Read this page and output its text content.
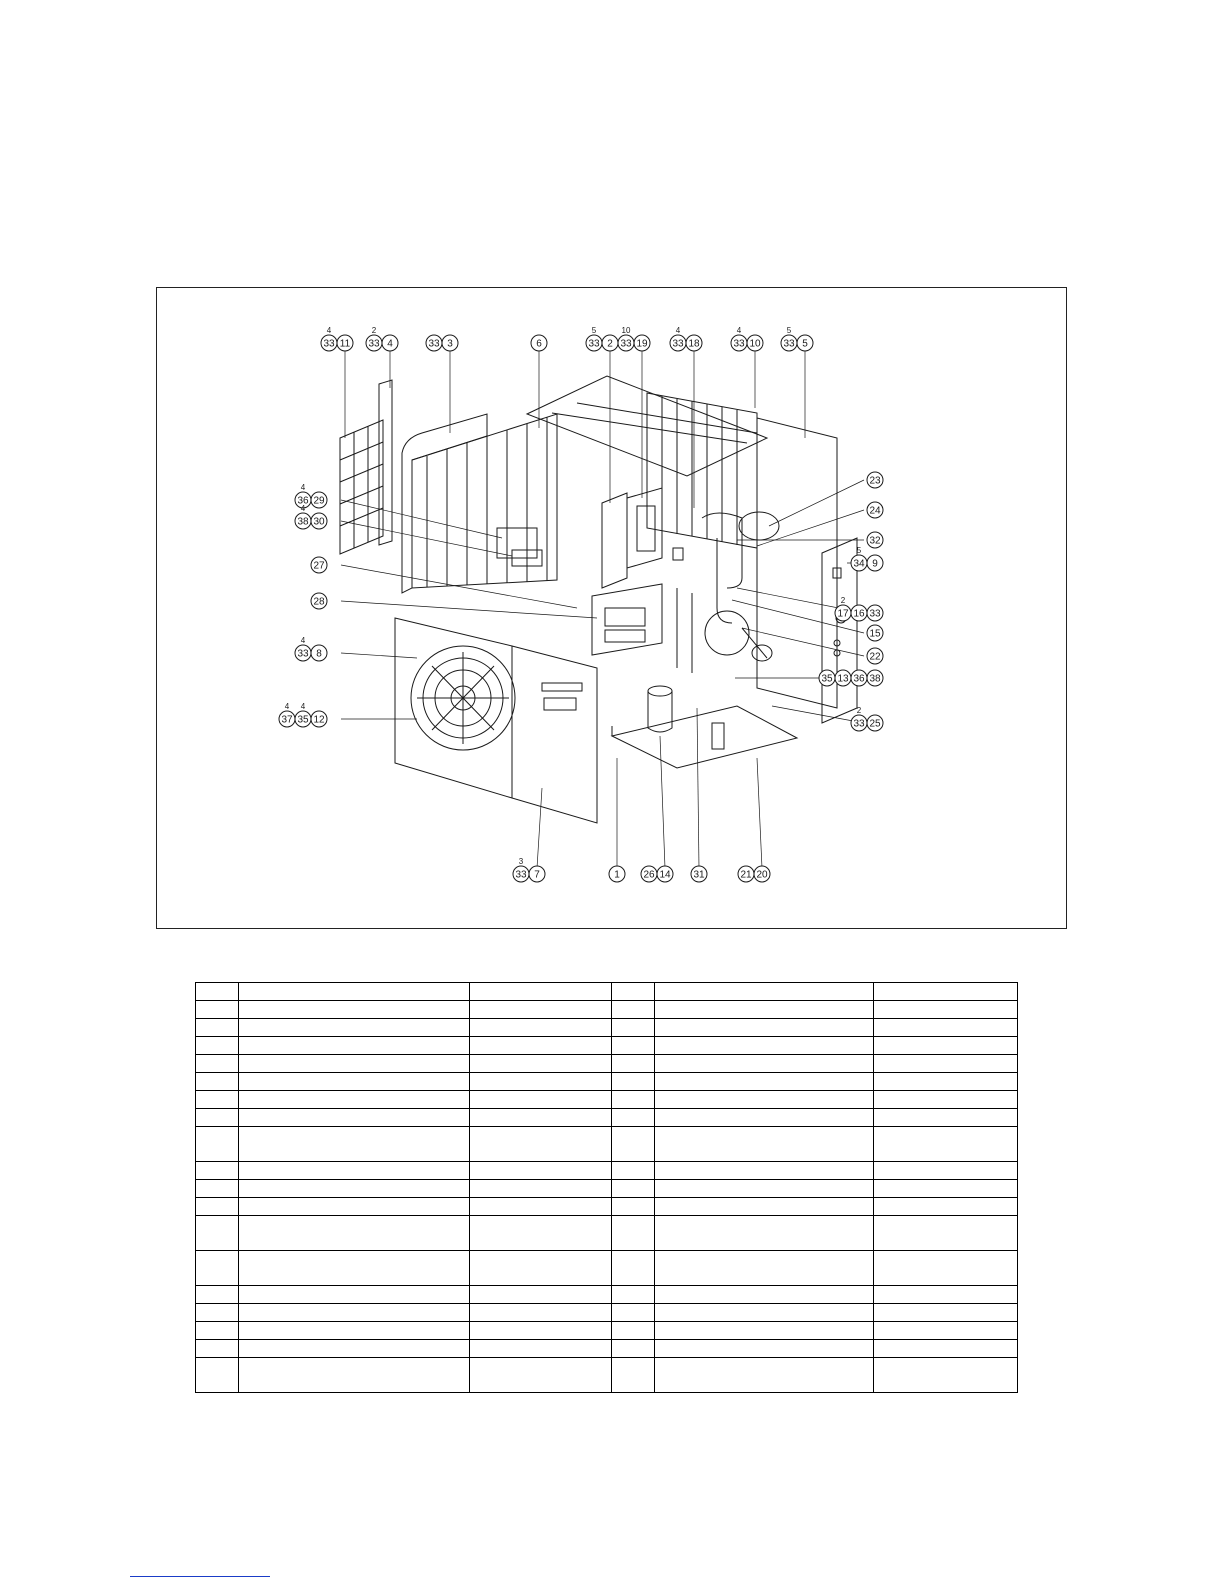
33
4
11 33
2
4	33 3	6	33
5
2 33
10
19 33
4
18	33
4
10 33
5
5
36
4
29
38
4
30
27
28
33
4
8
37
4
35
4
12
23
24
32
34
5
9
17
2
16 33
15
22
35 13 36 38
33
2
25
33
3
7	1 26 14 31	21 20
